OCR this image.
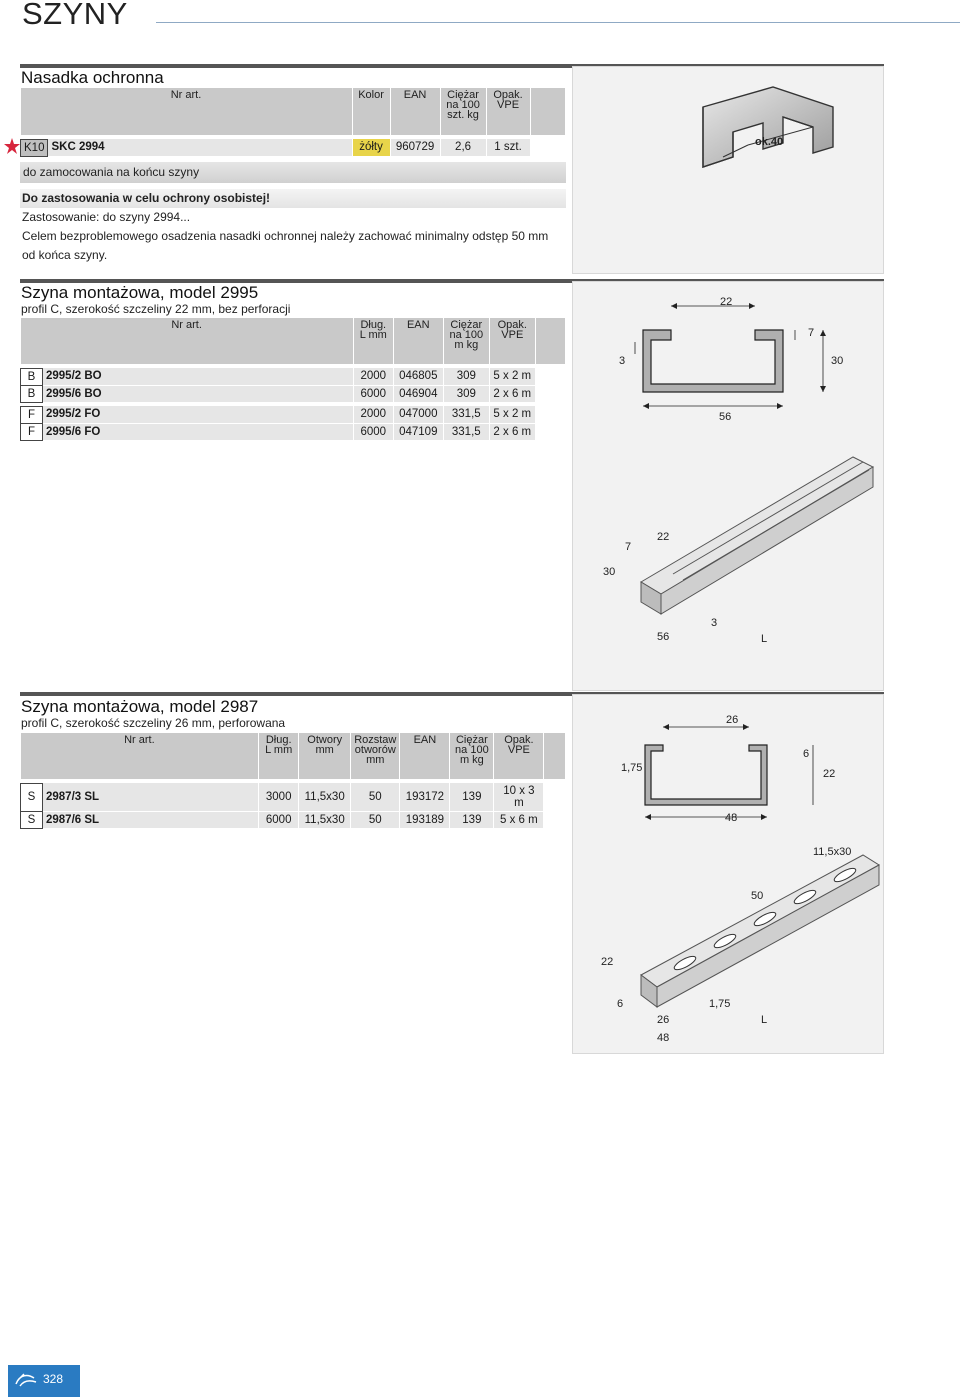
SZYNY
Nasadka ochronna
Nr art.		Kolor	EAN	Ciężar na 100 szt. kg	Opak. VPE	

K10	SKC 2994	żółty	960729	2,6	1 szt.	
do zamocowania na końcu szyny
Do zastosowania w celu ochrony osobistej!
Zastosowanie: do szyny 2994...
Celem bezproblemowego osadzenia nasadki ochronnej należy zachować minimalny odstęp 50 mm
od końca szyny.
ok.40
Szyna montażowa, model 2995
profil C, szerokość szczeliny 22 mm, bez perforacji
Nr art.		Dług. L mm	EAN	Ciężar na 100 m kg	Opak. VPE	

B	2995/2 BO	2000	046805	309	5 x 2 m	
B	2995/6 BO	6000	046904	309	2 x 6 m	

F	2995/2 FO	2000	047000	331,5	5 x 2 m	
F	2995/6 FO	6000	047109	331,5	2 x 6 m	
22
7
30
3
56
7
22
30
56
3
L
Szyna montażowa, model 2987
profil C, szerokość szczeliny 26 mm, perforowana
Nr art.		Dług. L mm	Otwory mm	Rozstaw otworów mm	EAN	Ciężar na 100 m kg	Opak. VPE	

S	2987/3 SL	3000	11,5x30	50	193172	139	10 x 3 m	
S	2987/6 SL	6000	11,5x30	50	193189	139	5 x 6 m	
26
6
22
1,75
48
11,5x30
50
22
6	1,75
26
48
L
328
